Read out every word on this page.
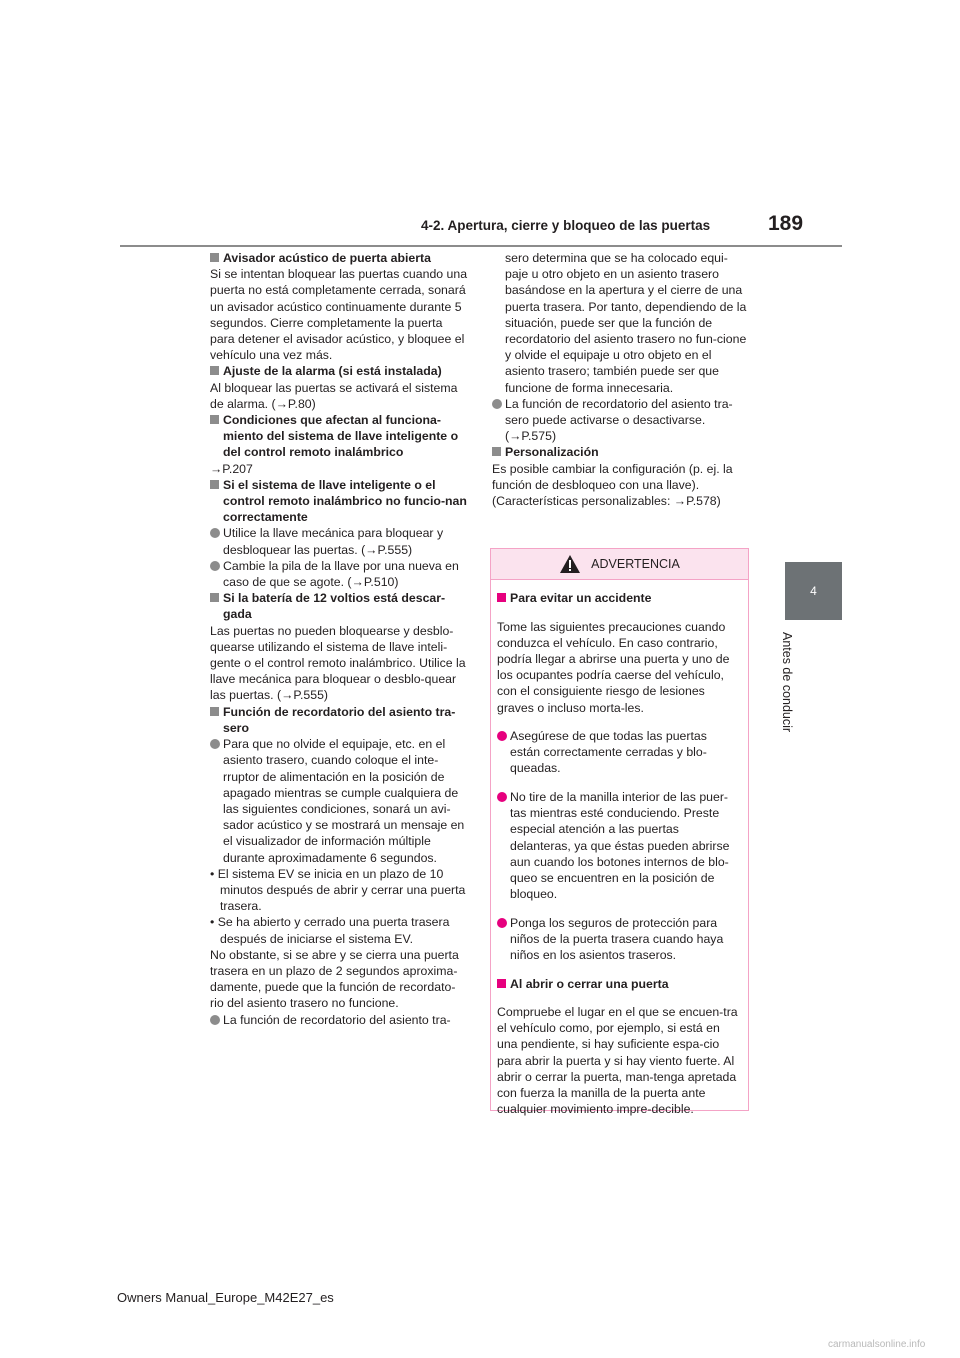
4-2. Apertura, cierre y bloqueo de las puertas	189
4
Antes de conducir

Avisador acústico de puerta abierta

Si se intentan bloquear las puertas cuando una puerta no está completamente cerrada, sonará un avisador acústico continuamente durante 5 segundos. Cierre completamente la puerta para detener el avisador acústico, y bloquee el vehículo una vez más.

Ajuste de la alarma (si está instalada)

Al bloquear las puertas se activará el sistema de alarma. (→P.80)

Condiciones que afectan al funciona-miento del sistema de llave inteligente o del control remoto inalámbrico

→P.207

Si el sistema de llave inteligente o el control remoto inalámbrico no funcio-nan correctamente

Utilice la llave mecánica para bloquear y desbloquear las puertas. (→P.555)

Cambie la pila de la llave por una nueva en caso de que se agote. (→P.510)

Si la batería de 12 voltios está descar-gada

Las puertas no pueden bloquearse y desblo-quearse utilizando el sistema de llave inteli-gente o el control remoto inalámbrico. Utilice la llave mecánica para bloquear o desblo-quear las puertas. (→P.555)

Función de recordatorio del asiento tra-sero

Para que no olvide el equipaje, etc. en el asiento trasero, cuando coloque el inte-rruptor de alimentación en la posición de apagado mientras se cumple cualquiera de las siguientes condiciones, sonará un avi-sador acústico y se mostrará un mensaje en el visualizador de información múltiple durante aproximadamente 6 segundos.

• El sistema EV se inicia en un plazo de 10 minutos después de abrir y cerrar una puerta trasera.

• Se ha abierto y cerrado una puerta trasera después de iniciarse el sistema EV.

No obstante, si se abre y se cierra una puerta trasera en un plazo de 2 segundos aproxima-damente, puede que la función de recordato-rio del asiento trasero no funcione.

La función de recordatorio del asiento tra-

sero determina que se ha colocado equi-paje u otro objeto en un asiento trasero basándose en la apertura y el cierre de una puerta trasera. Por tanto, dependiendo de la situación, puede ser que la función de recordatorio del asiento trasero no fun-cione y olvide el equipaje u otro objeto en el asiento trasero; también puede ser que funcione de forma innecesaria.

La función de recordatorio del asiento tra-sero puede activarse o desactivarse. (→P.575)

Personalización

Es posible cambiar la configuración (p. ej. la función de desbloqueo con una llave). (Características personalizables: →P.578)

ADVERTENCIA

Para evitar un accidente

Tome las siguientes precauciones cuando conduzca el vehículo. En caso contrario, podría llegar a abrirse una puerta y uno de los ocupantes podría caerse del vehículo, con el consiguiente riesgo de lesiones graves o incluso morta-les.

Asegúrese de que todas las puertas están correctamente cerradas y blo-queadas.

No tire de la manilla interior de las puer-tas mientras esté conduciendo. Preste especial atención a las puertas delanteras, ya que éstas pueden abrirse aun cuando los botones internos de blo-queo se encuentren en la posición de bloqueo.

Ponga los seguros de protección para niños de la puerta trasera cuando haya niños en los asientos traseros.

Al abrir o cerrar una puerta

Compruebe el lugar en el que se encuen-tra el vehículo como, por ejemplo, si está en una pendiente, si hay suficiente espa-cio para abrir la puerta y si hay viento fuerte. Al abrir o cerrar la puerta, man-tenga apretada con fuerza la manilla de la puerta ante cualquier movimiento impre-decible.

Owners Manual_Europe_M42E27_es
carmanualsonline.info
